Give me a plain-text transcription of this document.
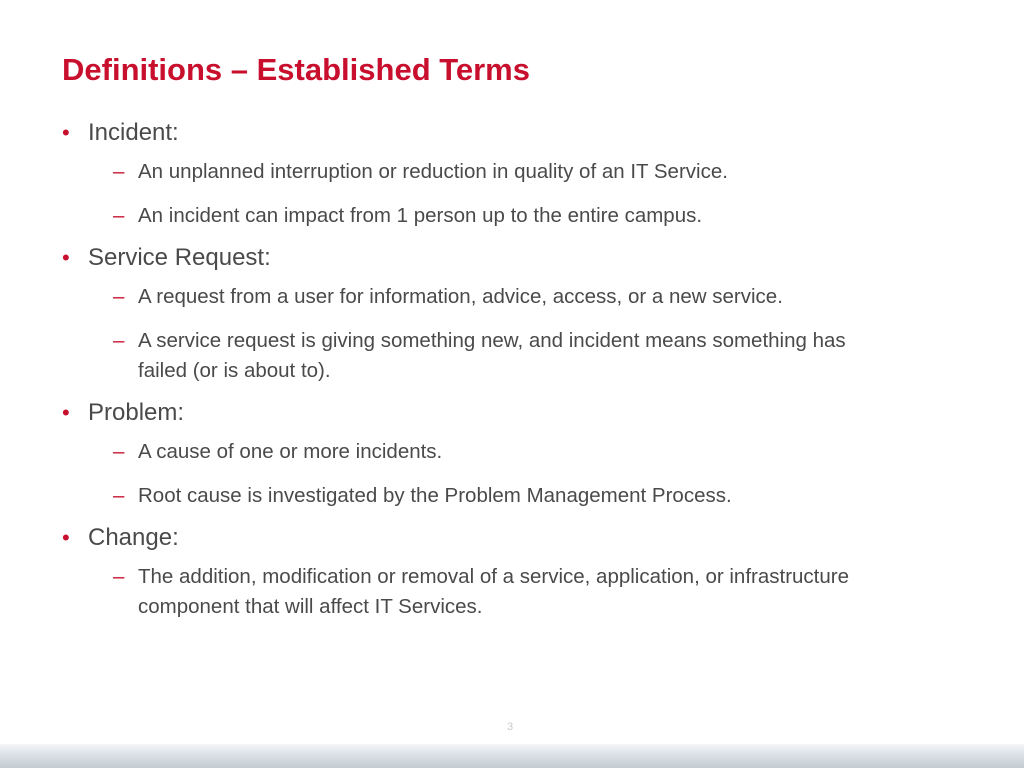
Definitions – Established Terms
• Incident:
– An unplanned interruption or reduction in quality of an IT Service.
– An incident can impact from 1 person up to the entire campus.
• Service Request:
– A request from a user for information, advice, access, or a new service.
– A service request is giving something new, and incident means something has failed (or is about to).
• Problem:
– A cause of one or more incidents.
– Root cause is investigated by the Problem Management Process.
• Change:
– The addition, modification or removal of a service, application, or infrastructure component that will affect IT Services.
3
